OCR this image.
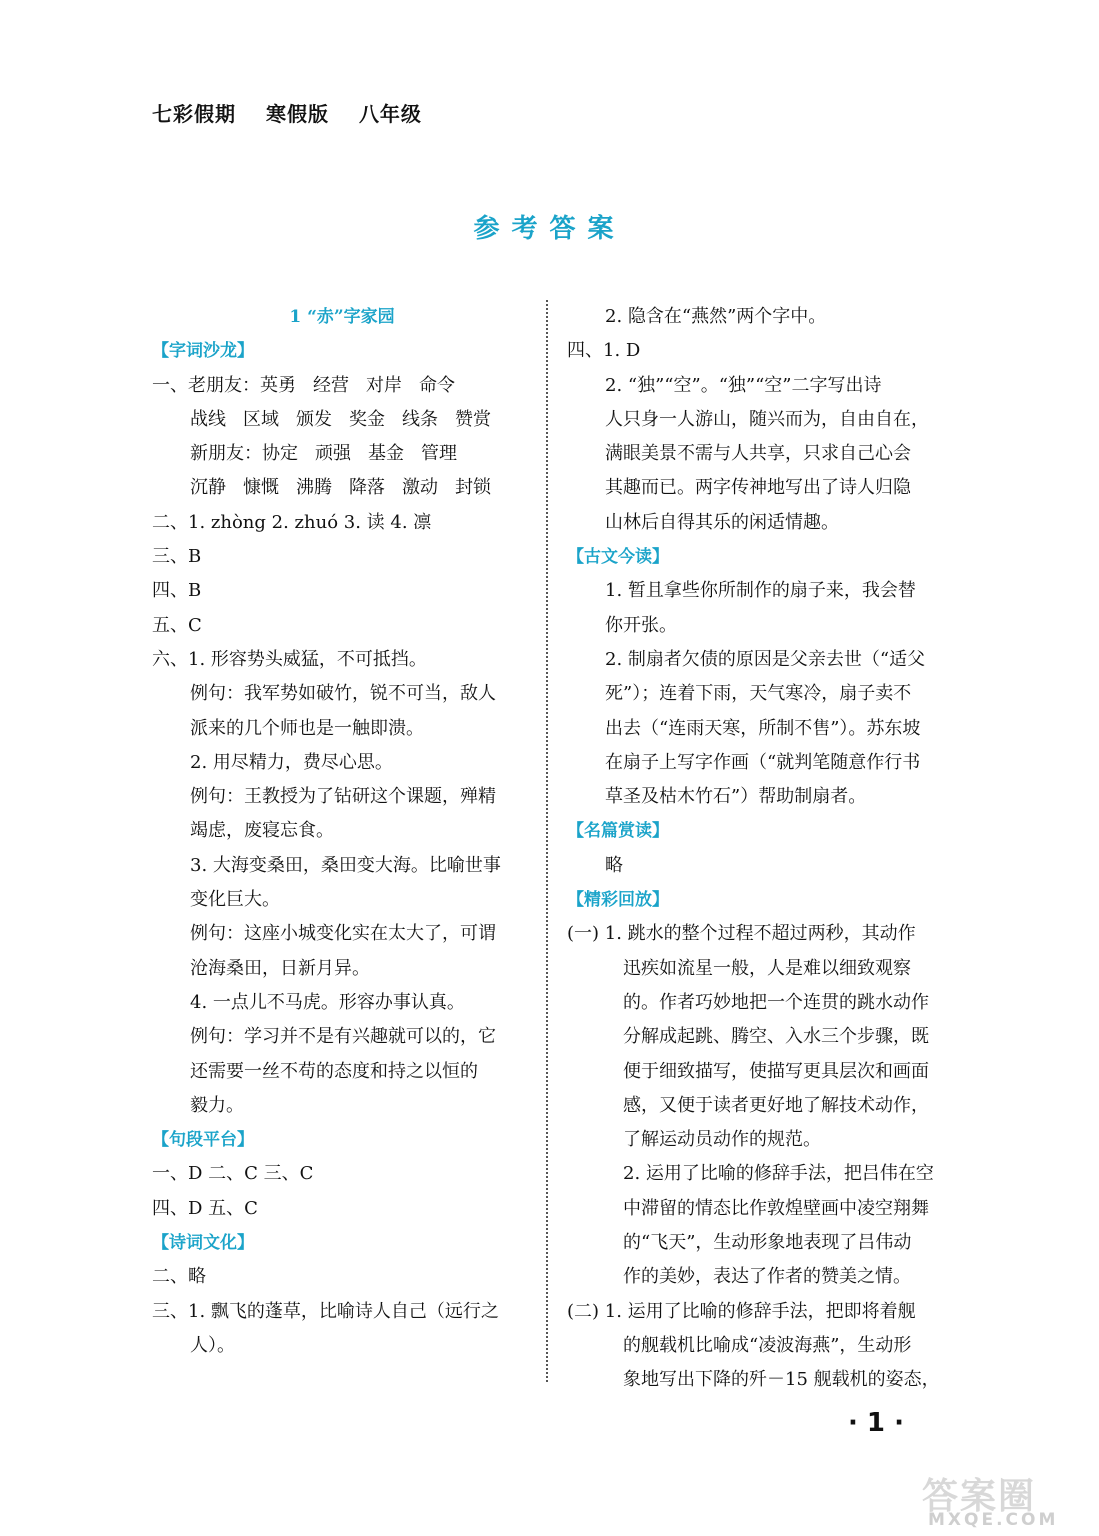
七彩假期 寒假版 八年级
参考答案
1 “赤”字家园
【 字词沙龙 】
一、老朋友：英勇 经营 对岸 命令
战线 区域 颁发 奖金 线条 赞赏
新朋友：协定 顽强 基金 管理
沉静 慷慨 沸腾 降落 激动 封锁
二、1. zhòng 2. zhuó 3. 读 4. 凛
三、B
四、B
五、C
六、1. 形容势头威猛，不可抵挡。
例句：我军势如破竹，锐不可当，敌人
派来的几个师也是一触即溃。
2. 用尽精力，费尽心思。
例句：王教授为了钻研这个课题，殚精
竭虑，废寝忘食。
3. 大海变桑田，桑田变大海。比喻世事
变化巨大。
例句：这座小城变化实在太大了，可谓
沧海桑田，日新月异。
4. 一点儿不马虎。形容办事认真。
例句：学习并不是有兴趣就可以的，它
还需要一丝不苟的态度和持之以恒的
毅力。
【 句段平台 】
一、D 二、C 三、C
四、D 五、C
【 诗词文化 】
二、略
三、1. 飘飞的蓬草，比喻诗人自己（远行之
人）。
2. 隐含在“燕然”两个字中。
四、1. D
2. “独”“空”。“独”“空”二字写出诗
人只身一人游山，随兴而为，自由自在，
满眼美景不需与人共享，只求自己心会
其趣而已。两字传神地写出了诗人归隐
山林后自得其乐的闲适情趣。
【 古文今读 】
1. 暂且拿些你所制作的扇子来，我会替
你开张。
2. 制扇者欠债的原因是父亲去世（“适父
死”）；连着下雨，天气寒冷，扇子卖不
出去（“连雨天寒，所制不售”）。苏东坡
在扇子上写字作画（“就判笔随意作行书
草圣及枯木竹石”）帮助制扇者。
【 名篇赏读 】
略
【 精彩回放 】
(一) 1. 跳水的整个过程不超过两秒，其动作
迅疾如流星一般，人是难以细致观察
的。作者巧妙地把一个连贯的跳水动作
分解成起跳、腾空、入水三个步骤，既
便于细致描写，使描写更具层次和画面
感，又便于读者更好地了解技术动作，
了解运动员动作的规范。
2. 运用了比喻的修辞手法，把吕伟在空
中滞留的情态比作敦煌壁画中凌空翔舞
的“飞天”，生动形象地表现了吕伟动
作的美妙，表达了作者的赞美之情。
(二) 1. 运用了比喻的修辞手法，把即将着舰
的舰载机比喻成“凌波海燕”，生动形
象地写出下降的歼－15 舰载机的姿态，
· 1 ·
答案圈
MXQE.COM
